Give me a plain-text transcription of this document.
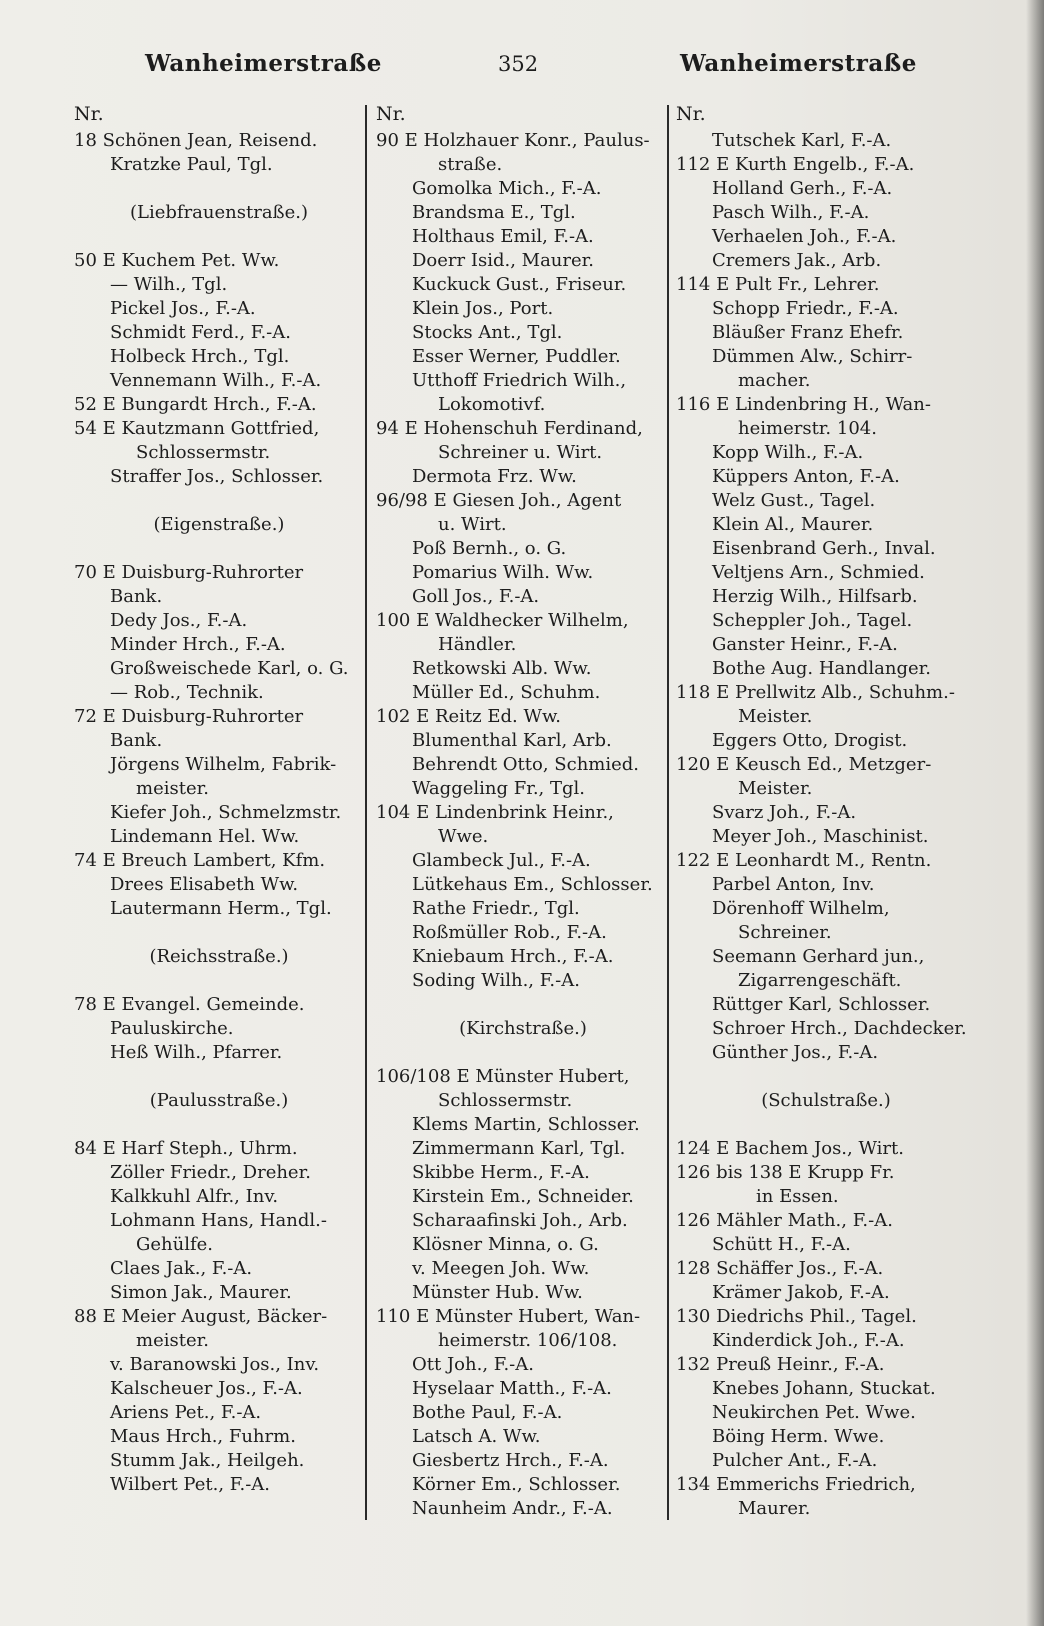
Wanheimerstraße	352	Wanheimerstraße
Nr.
18 Schönen Jean, Reisend.
Kratzke Paul, Tgl.
(Liebfrauenstraße.)
50 E Kuchem Pet. Ww.
— Wilh., Tgl.
Pickel Jos., F.-A.
Schmidt Ferd., F.-A.
Holbeck Hrch., Tgl.
Vennemann Wilh., F.-A.
52 E Bungardt Hrch., F.-A.
54 E Kautzmann Gottfried,
Schlossermstr.
Straffer Jos., Schlosser.
(Eigenstraße.)
70 E Duisburg-Ruhrorter
Bank.
Dedy Jos., F.-A.
Minder Hrch., F.-A.
Großweischede Karl, o. G.
— Rob., Technik.
72 E Duisburg-Ruhrorter
Bank.
Jörgens Wilhelm, Fabrik-
meister.
Kiefer Joh., Schmelzmstr.
Lindemann Hel. Ww.
74 E Breuch Lambert, Kfm.
Drees Elisabeth Ww.
Lautermann Herm., Tgl.
(Reichsstraße.)
78 E Evangel. Gemeinde.
Pauluskirche.
Heß Wilh., Pfarrer.
(Paulusstraße.)
84 E Harf Steph., Uhrm.
Zöller Friedr., Dreher.
Kalkkuhl Alfr., Inv.
Lohmann Hans, Handl.-
Gehülfe.
Claes Jak., F.-A.
Simon Jak., Maurer.
88 E Meier August, Bäcker-
meister.
v. Baranowski Jos., Inv.
Kalscheuer Jos., F.-A.
Ariens Pet., F.-A.
Maus Hrch., Fuhrm.
Stumm Jak., Heilgeh.
Wilbert Pet., F.-A.
Nr.
90 E Holzhauer Konr., Paulus-
straße.
Gomolka Mich., F.-A.
Brandsma E., Tgl.
Holthaus Emil, F.-A.
Doerr Isid., Maurer.
Kuckuck Gust., Friseur.
Klein Jos., Port.
Stocks Ant., Tgl.
Esser Werner, Puddler.
Utthoff Friedrich Wilh.,
Lokomotivf.
94 E Hohenschuh Ferdinand,
Schreiner u. Wirt.
Dermota Frz. Ww.
96/98 E Giesen Joh., Agent
u. Wirt.
Poß Bernh., o. G.
Pomarius Wilh. Ww.
Goll Jos., F.-A.
100 E Waldhecker Wilhelm,
Händler.
Retkowski Alb. Ww.
Müller Ed., Schuhm.
102 E Reitz Ed. Ww.
Blumenthal Karl, Arb.
Behrendt Otto, Schmied.
Waggeling Fr., Tgl.
104 E Lindenbrink Heinr.,
Wwe.
Glambeck Jul., F.-A.
Lütkehaus Em., Schlosser.
Rathe Friedr., Tgl.
Roßmüller Rob., F.-A.
Kniebaum Hrch., F.-A.
Soding Wilh., F.-A.
(Kirchstraße.)
106/108 E Münster Hubert,
Schlossermstr.
Klems Martin, Schlosser.
Zimmermann Karl, Tgl.
Skibbe Herm., F.-A.
Kirstein Em., Schneider.
Scharaafinski Joh., Arb.
Klösner Minna, o. G.
v. Meegen Joh. Ww.
Münster Hub. Ww.
110 E Münster Hubert, Wan-
heimerstr. 106/108.
Ott Joh., F.-A.
Hyselaar Matth., F.-A.
Bothe Paul, F.-A.
Latsch A. Ww.
Giesbertz Hrch., F.-A.
Körner Em., Schlosser.
Naunheim Andr., F.-A.
Nr.
Tutschek Karl, F.-A.
112 E Kurth Engelb., F.-A.
Holland Gerh., F.-A.
Pasch Wilh., F.-A.
Verhaelen Joh., F.-A.
Cremers Jak., Arb.
114 E Pult Fr., Lehrer.
Schopp Friedr., F.-A.
Bläußer Franz Ehefr.
Dümmen Alw., Schirr-
macher.
116 E Lindenbring H., Wan-
heimerstr. 104.
Kopp Wilh., F.-A.
Küppers Anton, F.-A.
Welz Gust., Tagel.
Klein Al., Maurer.
Eisenbrand Gerh., Inval.
Veltjens Arn., Schmied.
Herzig Wilh., Hilfsarb.
Scheppler Joh., Tagel.
Ganster Heinr., F.-A.
Bothe Aug. Handlanger.
118 E Prellwitz Alb., Schuhm.-
Meister.
Eggers Otto, Drogist.
120 E Keusch Ed., Metzger-
Meister.
Svarz Joh., F.-A.
Meyer Joh., Maschinist.
122 E Leonhardt M., Rentn.
Parbel Anton, Inv.
Dörenhoff Wilhelm,
Schreiner.
Seemann Gerhard jun.,
Zigarrengeschäft.
Rüttger Karl, Schlosser.
Schroer Hrch., Dachdecker.
Günther Jos., F.-A.
(Schulstraße.)
124 E Bachem Jos., Wirt.
126 bis 138 E Krupp Fr.
in Essen.
126 Mähler Math., F.-A.
Schütt H., F.-A.
128 Schäffer Jos., F.-A.
Krämer Jakob, F.-A.
130 Diedrichs Phil., Tagel.
Kinderdick Joh., F.-A.
132 Preuß Heinr., F.-A.
Knebes Johann, Stuckat.
Neukirchen Pet. Wwe.
Böing Herm. Wwe.
Pulcher Ant., F.-A.
134 Emmerichs Friedrich,
Maurer.
